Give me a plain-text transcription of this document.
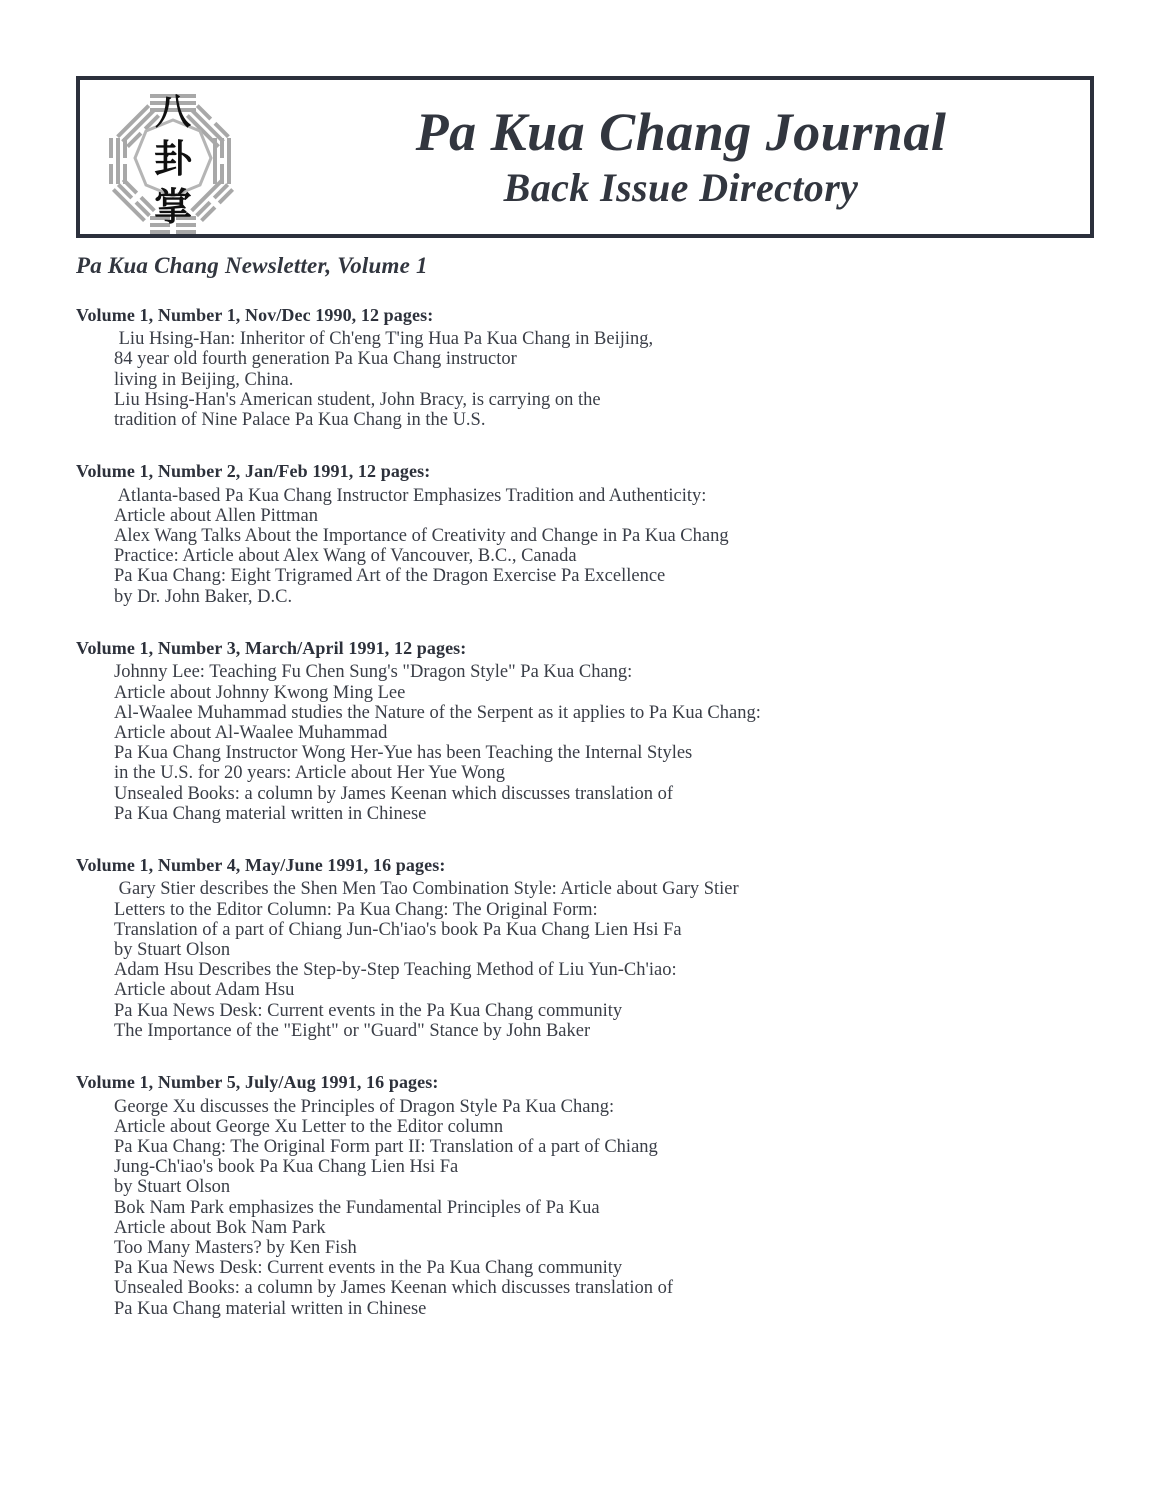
八
卦
掌
Pa Kua Chang Journal
Back Issue Directory
Pa Kua Chang Newsletter, Volume 1
Volume 1, Number 1, Nov/Dec 1990, 12 pages:
Liu Hsing-Han: Inheritor of Ch'eng T'ing Hua Pa Kua Chang in Beijing,
84 year old fourth generation Pa Kua Chang instructor
living in Beijing, China.
Liu Hsing-Han's American student, John Bracy, is carrying on the
tradition of Nine Palace Pa Kua Chang in the U.S.
Volume 1, Number 2, Jan/Feb 1991, 12 pages:
Atlanta-based Pa Kua Chang Instructor Emphasizes Tradition and Authenticity:
Article about Allen Pittman
Alex Wang Talks About the Importance of Creativity and Change in Pa Kua Chang
Practice: Article about Alex Wang of Vancouver, B.C., Canada
Pa Kua Chang: Eight Trigramed Art of the Dragon Exercise Pa Excellence
by Dr. John Baker, D.C.
Volume 1, Number 3, March/April 1991, 12 pages:
Johnny Lee: Teaching Fu Chen Sung's "Dragon Style" Pa Kua Chang:
Article about Johnny Kwong Ming Lee
Al-Waalee Muhammad studies the Nature of the Serpent as it applies to Pa Kua Chang:
Article about Al-Waalee Muhammad
Pa Kua Chang Instructor Wong Her-Yue has been Teaching the Internal Styles
in the U.S. for 20 years: Article about Her Yue Wong
Unsealed Books: a column by James Keenan which discusses translation of
Pa Kua Chang material written in Chinese
Volume 1, Number 4, May/June 1991, 16 pages:
Gary Stier describes the Shen Men Tao Combination Style: Article about Gary Stier
Letters to the Editor Column: Pa Kua Chang: The Original Form:
Translation of a part of Chiang Jun-Ch'iao's book Pa Kua Chang Lien Hsi Fa
by Stuart Olson
Adam Hsu Describes the Step-by-Step Teaching Method of Liu Yun-Ch'iao:
Article about Adam Hsu
Pa Kua News Desk: Current events in the Pa Kua Chang community
The Importance of the "Eight" or "Guard" Stance by John Baker
Volume 1, Number 5, July/Aug 1991, 16 pages:
George Xu discusses the Principles of Dragon Style Pa Kua Chang:
Article about George Xu Letter to the Editor column
Pa Kua Chang: The Original Form part II: Translation of a part of Chiang
Jung-Ch'iao's book Pa Kua Chang Lien Hsi Fa
by Stuart Olson
Bok Nam Park emphasizes the Fundamental Principles of Pa Kua
Article about Bok Nam Park
Too Many Masters? by Ken Fish
Pa Kua News Desk: Current events in the Pa Kua Chang community
Unsealed Books: a column by James Keenan which discusses translation of
Pa Kua Chang material written in Chinese
